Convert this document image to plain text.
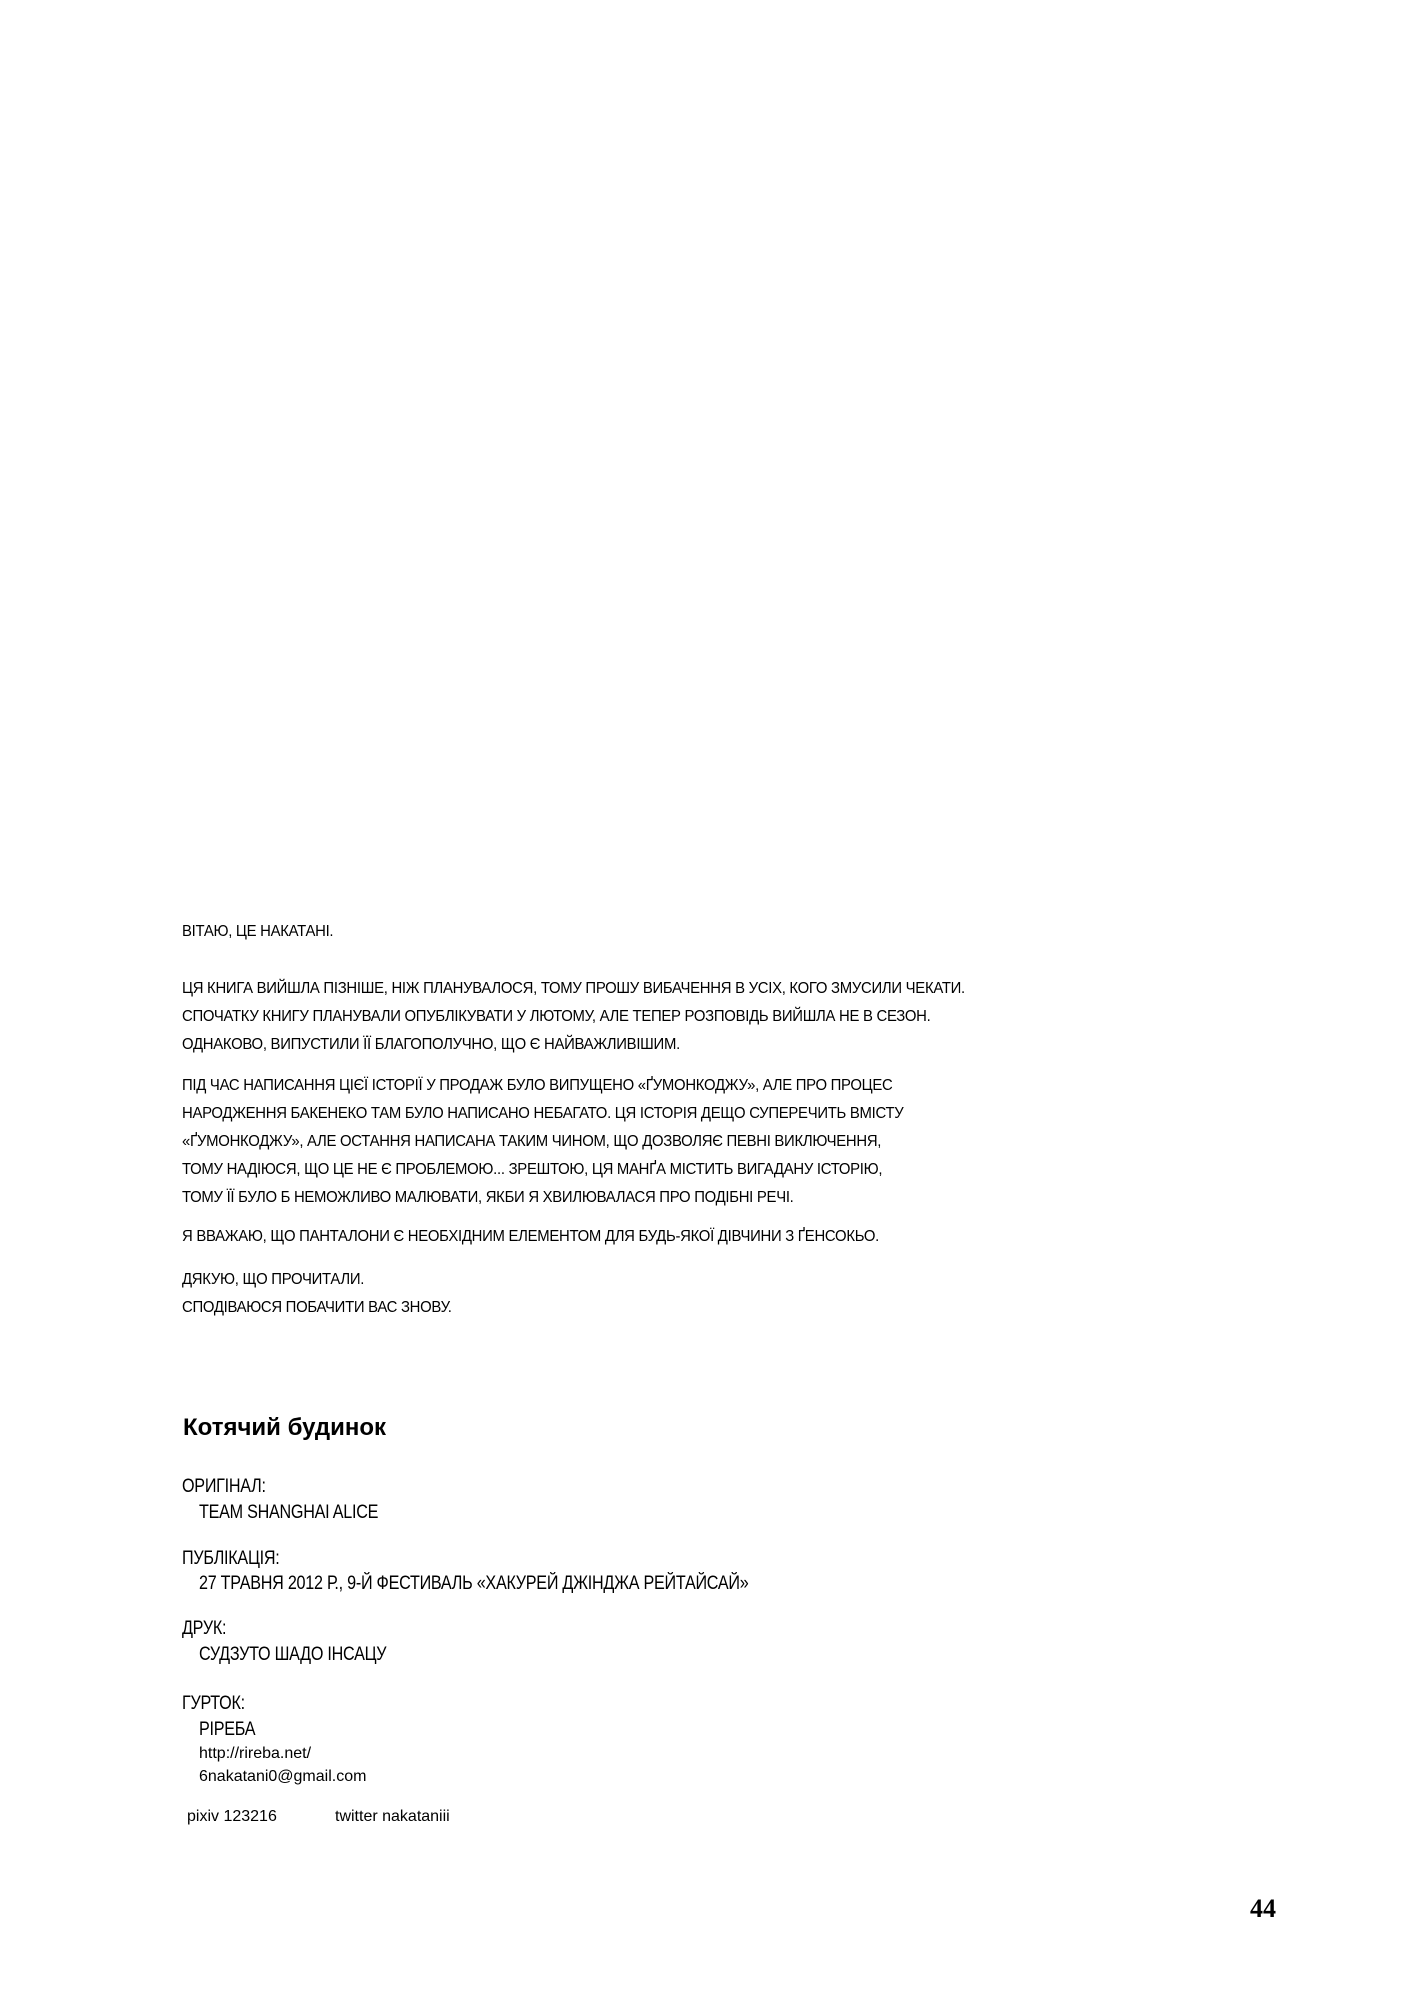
ВІТАЮ, ЦЕ НАКАТАНІ.
ЦЯ КНИГА ВИЙШЛА ПІЗНІШЕ, НІЖ ПЛАНУВАЛОСЯ, ТОМУ ПРОШУ ВИБАЧЕННЯ В УСІХ, КОГО ЗМУСИЛИ ЧЕКАТИ.
СПОЧАТКУ КНИГУ ПЛАНУВАЛИ ОПУБЛІКУВАТИ У ЛЮТОМУ, АЛЕ ТЕПЕР РОЗПОВІДЬ ВИЙШЛА НЕ В СЕЗОН.
ОДНАКОВО, ВИПУСТИЛИ ЇЇ БЛАГОПОЛУЧНО, ЩО Є НАЙВАЖЛИВІШИМ.
ПІД ЧАС НАПИСАННЯ ЦІЄЇ ІСТОРІЇ У ПРОДАЖ БУЛО ВИПУЩЕНО «ҐУМОНКОДЖУ», АЛЕ ПРО ПРОЦЕС
НАРОДЖЕННЯ БАКЕНЕКО ТАМ БУЛО НАПИСАНО НЕБАГАТО. ЦЯ ІСТОРІЯ ДЕЩО СУПЕРЕЧИТЬ ВМІСТУ
«ҐУМОНКОДЖУ», АЛЕ ОСТАННЯ НАПИСАНА ТАКИМ ЧИНОМ, ЩО ДОЗВОЛЯЄ ПЕВНІ ВИКЛЮЧЕННЯ,
ТОМУ НАДІЮСЯ, ЩО ЦЕ НЕ Є ПРОБЛЕМОЮ... ЗРЕШТОЮ, ЦЯ МАНҐА МІСТИТЬ ВИГАДАНУ ІСТОРІЮ,
ТОМУ ЇЇ БУЛО Б НЕМОЖЛИВО МАЛЮВАТИ, ЯКБИ Я ХВИЛЮВАЛАСЯ ПРО ПОДІБНІ РЕЧІ.
Я ВВАЖАЮ, ЩО ПАНТАЛОНИ Є НЕОБХІДНИМ ЕЛЕМЕНТОМ ДЛЯ БУДЬ-ЯКОЇ ДІВЧИНИ З ҐЕНСОКЬО.
ДЯКУЮ, ЩО ПРОЧИТАЛИ.
СПОДІВАЮСЯ ПОБАЧИТИ ВАС ЗНОВУ.
Котячий будинок
ОРИГІНАЛ:
TEAM SHANGHAI ALICE
ПУБЛІКАЦІЯ:
27 ТРАВНЯ 2012 Р., 9-Й ФЕСТИВАЛЬ «ХАКУРЕЙ ДЖІНДЖА РЕЙТАЙСАЙ»
ДРУК:
СУДЗУТО ШАДО ІНСАЦУ
ГУРТОК:
РІРEБА
http://rireba.net/
6nakatani0@gmail.com
pixiv 123216	twitter nakataniii
44
